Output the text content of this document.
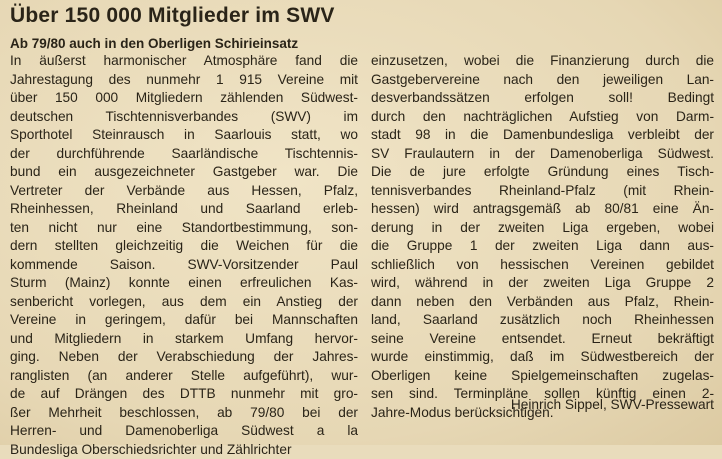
Über 150 000 Mitglieder im SWV
Ab 79/80 auch in den Oberligen Schirieinsatz
In äußerst harmonischer Atmosphäre fand die
Jahrestagung des nunmehr 1 915 Vereine mit
über 150 000 Mitgliedern zählenden Südwest-
deutschen Tischtennisverbandes (SWV) im
Sporthotel Steinrausch in Saarlouis statt, wo
der durchführende Saarländische Tischtennis-
bund ein ausgezeichneter Gastgeber war. Die
Vertreter der Verbände aus Hessen, Pfalz,
Rheinhessen, Rheinland und Saarland erleb-
ten nicht nur eine Standortbestimmung, son-
dern stellten gleichzeitig die Weichen für die
kommende Saison. SWV-Vorsitzender Paul
Sturm (Mainz) konnte einen erfreulichen Kas-
senbericht vorlegen, aus dem ein Anstieg der
Vereine in geringem, dafür bei Mannschaften
und Mitgliedern in starkem Umfang hervor-
ging. Neben der Verabschiedung der Jahres-
ranglisten (an anderer Stelle aufgeführt), wur-
de auf Drängen des DTTB nunmehr mit gro-
ßer Mehrheit beschlossen, ab 79/80 bei der
Herren- und Damenoberliga Südwest a la
Bundesliga Oberschiedsrichter und Zählrichter
einzusetzen, wobei die Finanzierung durch die
Gastgebervereine nach den jeweiligen Lan-
desverbandssätzen erfolgen soll! Bedingt
durch den nachträglichen Aufstieg von Darm-
stadt 98 in die Damenbundesliga verbleibt der
SV Fraulautern in der Damenoberliga Südwest.
Die de jure erfolgte Gründung eines Tisch-
tennisverbandes Rheinland-Pfalz (mit Rhein-
hessen) wird antragsgemäß ab 80/81 eine Än-
derung in der zweiten Liga ergeben, wobei
die Gruppe 1 der zweiten Liga dann aus-
schließlich von hessischen Vereinen gebildet
wird, während in der zweiten Liga Gruppe 2
dann neben den Verbänden aus Pfalz, Rhein-
land, Saarland zusätzlich noch Rheinhessen
seine Vereine entsendet. Erneut bekräftigt
wurde einstimmig, daß im Südwestbereich der
Oberligen keine Spielgemeinschaften zugelas-
sen sind. Terminpläne sollen künftig einen 2-
Jahre-Modus berücksichtigen.
Heinrich Sippel, SWV-Pressewart
